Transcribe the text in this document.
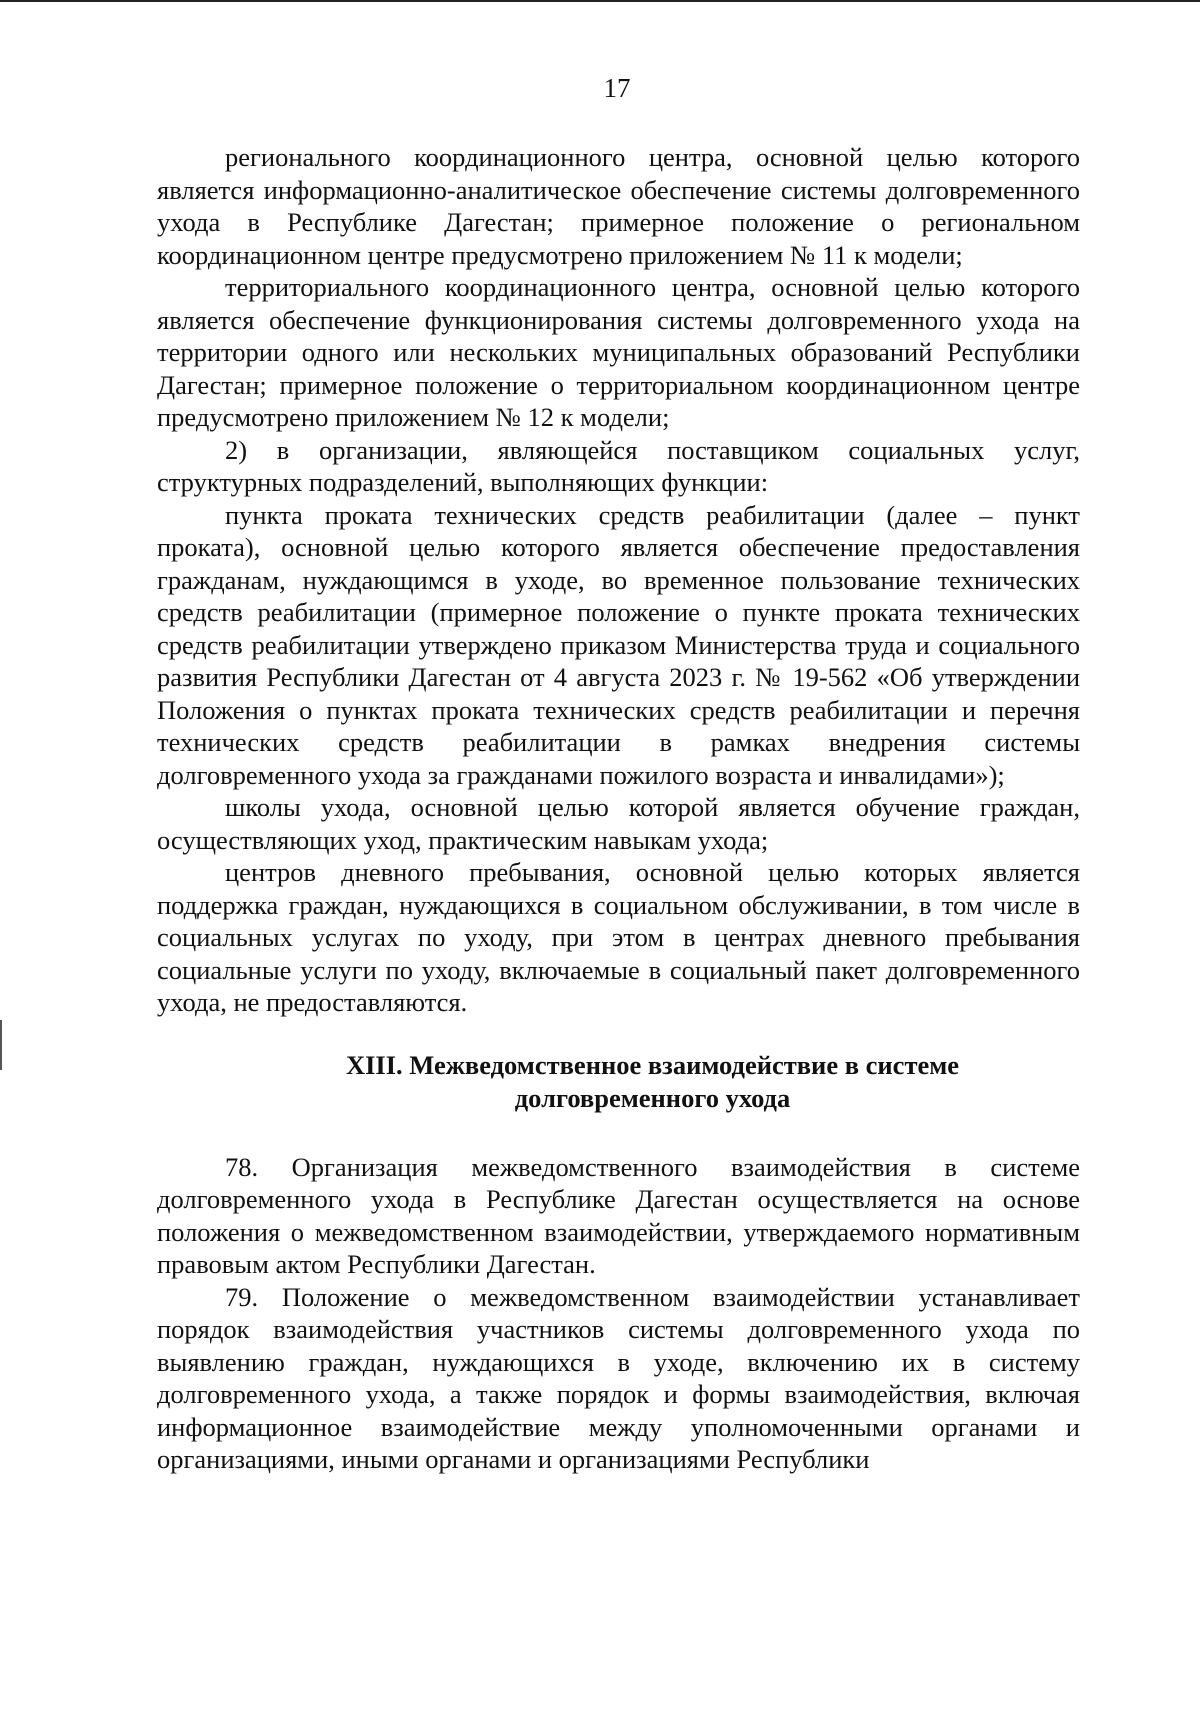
17

регионального координационного центра, основной целью которого является информационно-аналитическое обеспечение системы долговременного ухода в Республике Дагестан; примерное положение о региональном координационном центре предусмотрено приложением № 11 к модели;

территориального координационного центра, основной целью которого является обеспечение функционирования системы долговременного ухода на территории одного или нескольких муниципальных образований Республики Дагестан; примерное положение о территориальном координационном центре предусмотрено приложением № 12 к модели;

2) в организации, являющейся поставщиком социальных услуг, структурных подразделений, выполняющих функции:

пункта проката технических средств реабилитации (далее – пункт проката), основной целью которого является обеспечение предоставления гражданам, нуждающимся в уходе, во временное пользование технических средств реабилитации (примерное положение о пункте проката технических средств реабилитации утверждено приказом Министерства труда и социального развития Республики Дагестан от 4 августа 2023 г. № 19-562 «Об утверждении Положения о пунктах проката технических средств реабилитации и перечня технических средств реабилитации в рамках внедрения системы долговременного ухода за гражданами пожилого возраста и инвалидами»);

школы ухода, основной целью которой является обучение граждан, осуществляющих уход, практическим навыкам ухода;

центров дневного пребывания, основной целью которых является поддержка граждан, нуждающихся в социальном обслуживании, в том числе в социальных услугах по уходу, при этом в центрах дневного пребывания социальные услуги по уходу, включаемые в социальный пакет долговременного ухода, не предоставляются.

XIII. Межведомственное взаимодействие в системе
долговременного ухода

78. Организация межведомственного взаимодействия в системе долговременного ухода в Республике Дагестан осуществляется на основе положения о межведомственном взаимодействии, утверждаемого нормативным правовым актом Республики Дагестан.

79. Положение о межведомственном взаимодействии устанавливает порядок взаимодействия участников системы долговременного ухода по выявлению граждан, нуждающихся в уходе, включению их в систему долговременного ухода, а также порядок и формы взаимодействия, включая информационное взаимодействие между уполномоченными органами и организациями, иными органами и организациями Республики
